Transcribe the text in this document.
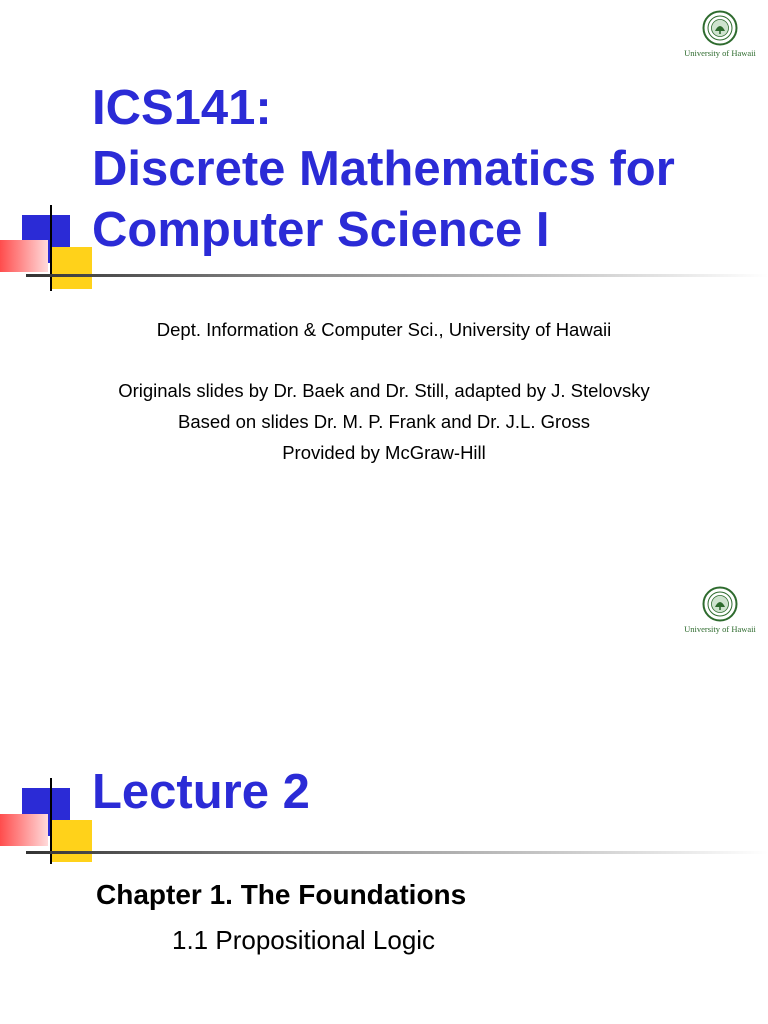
University of Hawaii
ICS141:
Discrete Mathematics for
Computer Science I
Dept. Information & Computer Sci., University of Hawaii
Originals slides by Dr. Baek and Dr. Still, adapted by J. Stelovsky
Based on slides Dr. M. P. Frank and Dr. J.L. Gross
Provided by McGraw-Hill
University of Hawaii
Lecture 2
Chapter 1. The Foundations
1.1 Propositional Logic
